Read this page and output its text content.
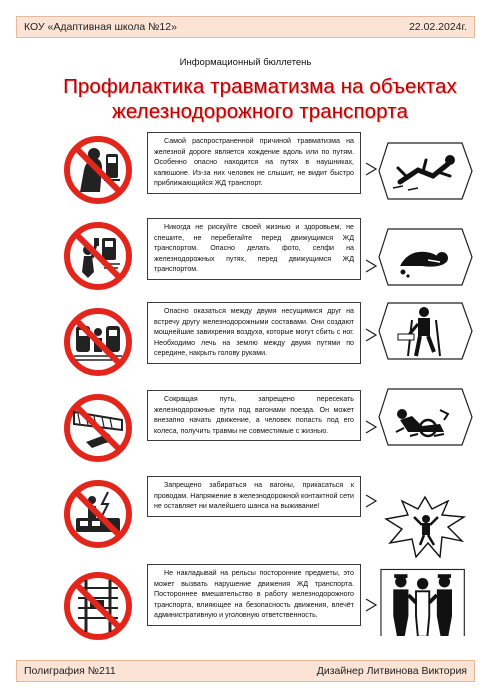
КОУ «Адаптивная школа №12»	22.02.2024г.
Информационный бюллетень
Профилактика травматизма на объектах
железнодорожного транспорта
Самой распространенной причиной травматизма на железной дороге является хождение вдоль или по путям. Особенно опасно находится на путях в наушниках, капюшоне. Из-за них человек не слышит, не видит быстро приближающийся ЖД транспорт.
Никогда не рискуйте своей жизнью и здоровьем, не спешите, не перебегайте перед движущимся ЖД транспортом. Опасно делать фото, селфи на железнодорожных путях, перед движущимся ЖД транспортом.
Опасно оказаться между двумя несущимися друг на встречу другу железнодорожными составами. Они создают мощнейшие завихрения воздуха, которые могут сбить с ног. Необходимо лечь на землю между двумя путями по середине, накрыть голову руками.
Сокращая путь, запрещено пересекать железнодорожные пути под вагонами поезда. Он может внезапно начать движение, а человек попасть под его колеса, получить травмы не совместимые с жизнью.
Запрещено забираться на вагоны, прикасаться к проводам. Напряжение в железнодорожной контактной сети не оставляет ни малейшего шанса на выживание!
Не накладывай на рельсы посторонние предметы, это может вызвать нарушение движения ЖД транспорта. Постороннее вмешательство в работу железнодорожного транспорта, влияющее на безопасность движения, влечёт административную и уголовную ответственность.
Полиграфия №211	Дизайнер Литвинова Виктория
